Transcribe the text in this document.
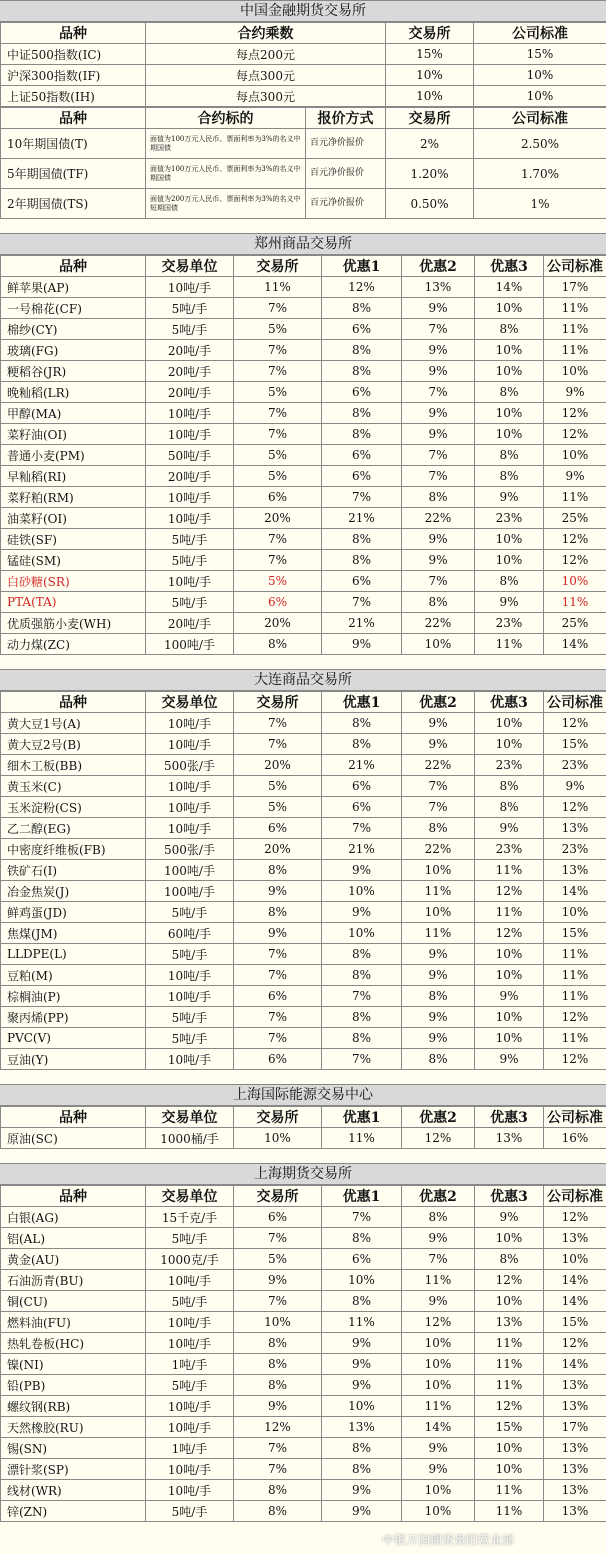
中国金融期货交易所
品种	合约乘数	交易所	公司标准
中证500指数(IC)	每点200元	15%	15%
沪深300指数(IF)	每点300元	10%	10%
上证50指数(IH)	每点300元	10%	10%
品种	合约标的	报价方式	交易所	公司标准
10年期国债(T)	面值为100万元人民币、票面利率为3%的名义中期国债	百元净价报价	2%	2.50%
5年期国债(TF)	面值为100万元人民币、票面利率为3%的名义中期国债	百元净价报价	1.20%	1.70%
2年期国债(TS)	面值为200万元人民币、票面利率为3%的名义中短期国债	百元净价报价	0.50%	1%
郑州商品交易所
品种	交易单位	交易所	优惠1	优惠2	优惠3	公司标准
鲜苹果(AP)	10吨/手	11%	12%	13%	14%	17%
一号棉花(CF)	5吨/手	7%	8%	9%	10%	11%
棉纱(CY)	5吨/手	5%	6%	7%	8%	11%
玻璃(FG)	20吨/手	7%	8%	9%	10%	11%
粳稻谷(JR)	20吨/手	7%	8%	9%	10%	10%
晚籼稻(LR)	20吨/手	5%	6%	7%	8%	9%
甲醇(MA)	10吨/手	7%	8%	9%	10%	12%
菜籽油(OI)	10吨/手	7%	8%	9%	10%	12%
普通小麦(PM)	50吨/手	5%	6%	7%	8%	10%
早籼稻(RI)	20吨/手	5%	6%	7%	8%	9%
菜籽粕(RM)	10吨/手	6%	7%	8%	9%	11%
油菜籽(OI)	10吨/手	20%	21%	22%	23%	25%
硅铁(SF)	5吨/手	7%	8%	9%	10%	12%
锰硅(SM)	5吨/手	7%	8%	9%	10%	12%
白砂糖(SR)	10吨/手	5%	6%	7%	8%	10%
PTA(TA)	5吨/手	6%	7%	8%	9%	11%
优质强筋小麦(WH)	20吨/手	20%	21%	22%	23%	25%
动力煤(ZC)	100吨/手	8%	9%	10%	11%	14%
大连商品交易所
品种	交易单位	交易所	优惠1	优惠2	优惠3	公司标准
黄大豆1号(A)	10吨/手	7%	8%	9%	10%	12%
黄大豆2号(B)	10吨/手	7%	8%	9%	10%	15%
细木工板(BB)	500张/手	20%	21%	22%	23%	23%
黄玉米(C)	10吨/手	5%	6%	7%	8%	9%
玉米淀粉(CS)	10吨/手	5%	6%	7%	8%	12%
乙二醇(EG)	10吨/手	6%	7%	8%	9%	13%
中密度纤维板(FB)	500张/手	20%	21%	22%	23%	23%
铁矿石(I)	100吨/手	8%	9%	10%	11%	13%
冶金焦炭(J)	100吨/手	9%	10%	11%	12%	14%
鲜鸡蛋(JD)	5吨/手	8%	9%	10%	11%	10%
焦煤(JM)	60吨/手	9%	10%	11%	12%	15%
LLDPE(L)	5吨/手	7%	8%	9%	10%	11%
豆粕(M)	10吨/手	7%	8%	9%	10%	11%
棕榈油(P)	10吨/手	6%	7%	8%	9%	11%
聚丙烯(PP)	5吨/手	7%	8%	9%	10%	12%
PVC(V)	5吨/手	7%	8%	9%	10%	11%
豆油(Y)	10吨/手	6%	7%	8%	9%	12%
上海国际能源交易中心
品种	交易单位	交易所	优惠1	优惠2	优惠3	公司标准
原油(SC)	1000桶/手	10%	11%	12%	13%	16%
上海期货交易所
品种	交易单位	交易所	优惠1	优惠2	优惠3	公司标准
白银(AG)	15千克/手	6%	7%	8%	9%	12%
铝(AL)	5吨/手	7%	8%	9%	10%	13%
黄金(AU)	1000克/手	5%	6%	7%	8%	10%
石油沥青(BU)	10吨/手	9%	10%	11%	12%	14%
铜(CU)	5吨/手	7%	8%	9%	10%	14%
燃料油(FU)	10吨/手	10%	11%	12%	13%	15%
热轧卷板(HC)	10吨/手	8%	9%	10%	11%	12%
镍(NI)	1吨/手	8%	9%	10%	11%	14%
铅(PB)	5吨/手	8%	9%	10%	11%	13%
螺纹钢(RB)	10吨/手	9%	10%	11%	12%	13%
天然橡胶(RU)	10吨/手	12%	13%	14%	15%	17%
锡(SN)	1吨/手	7%	8%	9%	10%	13%
漂针浆(SP)	10吨/手	7%	8%	9%	10%	13%
线材(WR)	10吨/手	8%	9%	10%	11%	13%
锌(ZN)	5吨/手	8%	9%	10%	11%	13%
中银万国期货贵阳营业部
